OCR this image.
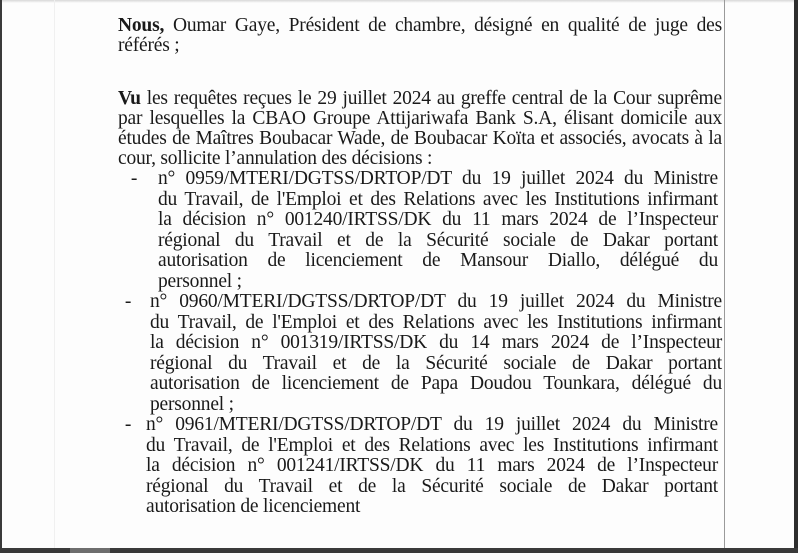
Nous, Oumar Gaye, Président de chambre, désigné en qualité de juge des
référés ;

Vu les requêtes reçues le 29 juillet 2024 au greffe central de la Cour suprême
par lesquelles la CBAO Groupe Attijariwafa Bank S.A, élisant domicile aux
études de Maîtres Boubacar Wade, de Boubacar Koïta et associés, avocats à la
cour, sollicite l’annulation des décisions :

-	n° 0959/MTERI/DGTSS/DRTOP/DT du 19 juillet 2024 du Ministre
du Travail, de l'Emploi et des Relations avec les Institutions infirmant
la décision n° 001240/IRTSS/DK du 11 mars 2024 de l’Inspecteur
régional du Travail et de la Sécurité sociale de Dakar portant
autorisation de licenciement de Mansour Diallo, délégué du
personnel ;
- n° 0960/MTERI/DGTSS/DRTOP/DT du 19 juillet 2024 du Ministre
du Travail, de l'Emploi et des Relations avec les Institutions infirmant
la décision n° 001319/IRTSS/DK du 14 mars 2024 de l’Inspecteur
régional du Travail et de la Sécurité sociale de Dakar portant
autorisation de licenciement de Papa Doudou Tounkara, délégué du
personnel ;
- n° 0961/MTERI/DGTSS/DRTOP/DT du 19 juillet 2024 du Ministre
du Travail, de l'Emploi et des Relations avec les Institutions infirmant
la décision n° 001241/IRTSS/DK du 11 mars 2024 de l’Inspecteur
régional du Travail et de la Sécurité sociale de Dakar portant
autorisation de licenciement
